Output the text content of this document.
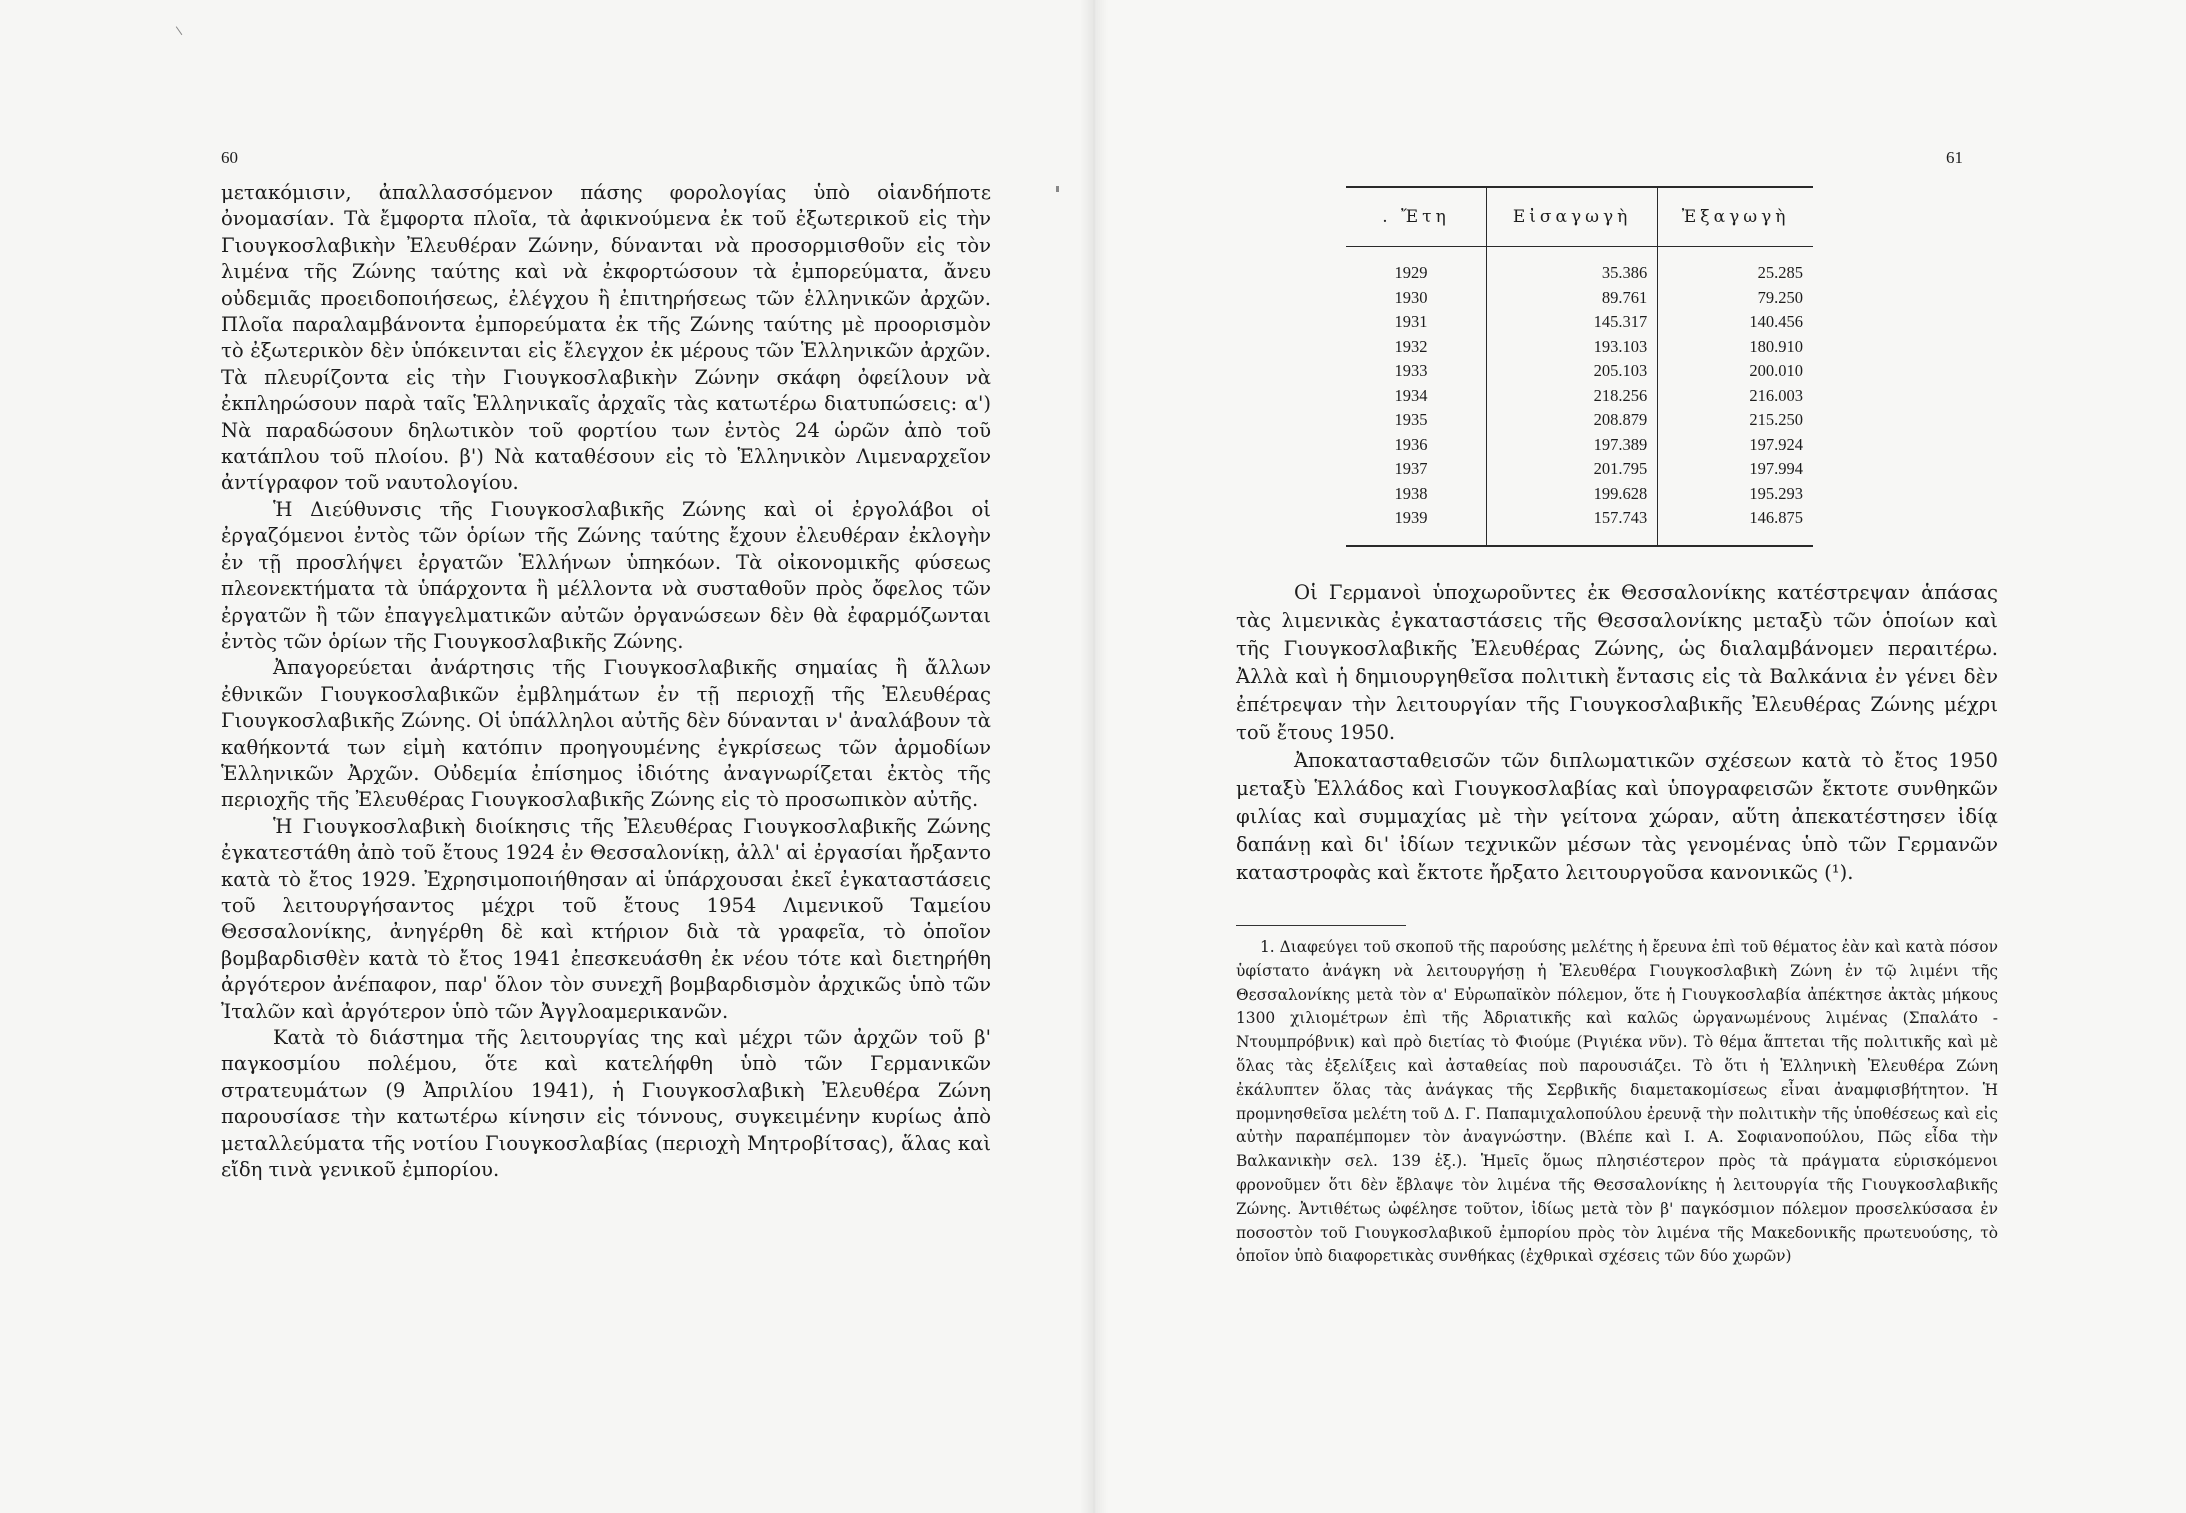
60

μετακόμισιν, ἀπαλλασσόμενον πάσης φορολογίας ὑπὸ οἱανδήποτε ὀνομασίαν. Τὰ ἔμφορτα πλοῖα, τὰ ἀφικνούμενα ἐκ τοῦ ἐξωτερικοῦ εἰς τὴν Γιουγκοσλαβικὴν Ἐλευθέραν Ζώνην, δύνανται νὰ προσορμισθοῦν εἰς τὸν λιμένα τῆς Ζώνης ταύτης καὶ νὰ ἐκφορτώσουν τὰ ἐμπορεύματα, ἄνευ οὐδεμιᾶς προειδοποιήσεως, ἐλέγχου ἢ ἐπιτηρήσεως τῶν ἑλληνικῶν ἀρχῶν. Πλοῖα παραλαμβάνοντα ἐμπορεύματα ἐκ τῆς Ζώνης ταύτης μὲ προορισμὸν τὸ ἐξωτερικὸν δὲν ὑπόκεινται εἰς ἔλεγχον ἐκ μέρους τῶν Ἑλληνικῶν ἀρχῶν. Τὰ πλευρίζοντα εἰς τὴν Γιουγκοσλαβικὴν Ζώνην σκάφη ὀφείλουν νὰ ἐκπληρώσουν παρὰ ταῖς Ἑλληνικαῖς ἀρχαῖς τὰς κατωτέρω διατυπώσεις: α') Νὰ παραδώσουν δηλωτικὸν τοῦ φορτίου των ἐντὸς 24 ὡρῶν ἀπὸ τοῦ κατάπλου τοῦ πλοίου. β') Νὰ καταθέσουν εἰς τὸ Ἑλληνικὸν Λιμεναρχεῖον ἀντίγραφον τοῦ ναυτολογίου.

Ἡ Διεύθυνσις τῆς Γιουγκοσλαβικῆς Ζώνης καὶ οἱ ἐργολάβοι οἱ ἐργαζόμενοι ἐντὸς τῶν ὁρίων τῆς Ζώνης ταύτης ἔχουν ἐλευθέραν ἐκλογὴν ἐν τῇ προσλήψει ἐργατῶν Ἑλλήνων ὑπηκόων. Τὰ οἰκονομικῆς φύσεως πλεονεκτήματα τὰ ὑπάρχοντα ἢ μέλλοντα νὰ συσταθοῦν πρὸς ὄφελος τῶν ἐργατῶν ἢ τῶν ἐπαγγελματικῶν αὐτῶν ὀργανώσεων δὲν θὰ ἐφαρμόζωνται ἐντὸς τῶν ὁρίων τῆς Γιουγκοσλαβικῆς Ζώνης.

Ἀπαγορεύεται ἀνάρτησις τῆς Γιουγκοσλαβικῆς σημαίας ἢ ἄλλων ἐθνικῶν Γιουγκοσλαβικῶν ἐμβλημάτων ἐν τῇ περιοχῇ τῆς Ἐλευθέρας Γιουγκοσλαβικῆς Ζώνης. Οἱ ὑπάλληλοι αὐτῆς δὲν δύνανται ν' ἀναλάβουν τὰ καθήκοντά των εἰμὴ κατόπιν προηγουμένης ἐγκρίσεως τῶν ἁρμοδίων Ἑλληνικῶν Ἀρχῶν. Οὐδεμία ἐπίσημος ἰδιότης ἀναγνωρίζεται ἐκτὸς τῆς περιοχῆς τῆς Ἐλευθέρας Γιουγκοσλαβικῆς Ζώνης εἰς τὸ προσωπικὸν αὐτῆς.

Ἡ Γιουγκοσλαβικὴ διοίκησις τῆς Ἐλευθέρας Γιουγκοσλαβικῆς Ζώνης ἐγκατεστάθη ἀπὸ τοῦ ἔτους 1924 ἐν Θεσσαλονίκῃ, ἀλλ' αἱ ἐργασίαι ἤρξαντο κατὰ τὸ ἔτος 1929. Ἐχρησιμοποιήθησαν αἱ ὑπάρχουσαι ἐκεῖ ἐγκαταστάσεις τοῦ λειτουργήσαντος μέχρι τοῦ ἔτους 1954 Λιμενικοῦ Ταμείου Θεσσαλονίκης, ἀνηγέρθη δὲ καὶ κτήριον διὰ τὰ γραφεῖα, τὸ ὁποῖον βομβαρδισθὲν κατὰ τὸ ἔτος 1941 ἐπεσκευάσθη ἐκ νέου τότε καὶ διετηρήθη ἀργότερον ἀνέπαφον, παρ' ὅλον τὸν συνεχῆ βομβαρδισμὸν ἀρχικῶς ὑπὸ τῶν Ἰταλῶν καὶ ἀργότερον ὑπὸ τῶν Ἀγγλοαμερικανῶν.

Κατὰ τὸ διάστημα τῆς λειτουργίας της καὶ μέχρι τῶν ἀρχῶν τοῦ β' παγκοσμίου πολέμου, ὅτε καὶ κατελήφθη ὑπὸ τῶν Γερμανικῶν στρατευμάτων (9 Ἀπριλίου 1941), ἡ Γιουγκοσλαβικὴ Ἐλευθέρα Ζώνη παρουσίασε τὴν κατωτέρω κίνησιν εἰς τόννους, συγκειμένην κυρίως ἀπὸ μεταλλεύματα τῆς νοτίου Γιουγκοσλαβίας (περιοχὴ Μητροβίτσας), ἅλας καὶ εἴδη τινὰ γενικοῦ ἐμπορίου.

61
. Ἔτη	Εἰσαγωγὴ	Ἐξαγωγὴ

1929	35.386	25.285
1930	89.761	79.250
1931	145.317	140.456
1932	193.103	180.910
1933	205.103	200.010
1934	218.256	216.003
1935	208.879	215.250
1936	197.389	197.924
1937	201.795	197.994
1938	199.628	195.293
1939	157.743	146.875

Οἱ Γερμανοὶ ὑποχωροῦντες ἐκ Θεσσαλονίκης κατέστρεψαν ἁπάσας τὰς λιμενικὰς ἐγκαταστάσεις τῆς Θεσσαλονίκης μεταξὺ τῶν ὁποίων καὶ τῆς Γιουγκοσλαβικῆς Ἐλευθέρας Ζώνης, ὡς διαλαμβάνομεν περαιτέρω. Ἀλλὰ καὶ ἡ δημιουργηθεῖσα πολιτικὴ ἔντασις εἰς τὰ Βαλκάνια ἐν γένει δὲν ἐπέτρεψαν τὴν λειτουργίαν τῆς Γιουγκοσλαβικῆς Ἐλευθέρας Ζώνης μέχρι τοῦ ἔτους 1950.

Ἀποκατασταθεισῶν τῶν διπλωματικῶν σχέσεων κατὰ τὸ ἔτος 1950 μεταξὺ Ἑλλάδος καὶ Γιουγκοσλαβίας καὶ ὑπογραφεισῶν ἔκτοτε συνθηκῶν φιλίας καὶ συμμαχίας μὲ τὴν γείτονα χώραν, αὕτη ἀπεκατέστησεν ἰδίᾳ δαπάνῃ καὶ δι' ἰδίων τεχνικῶν μέσων τὰς γενομένας ὑπὸ τῶν Γερμανῶν καταστροφὰς καὶ ἔκτοτε ἤρξατο λειτουργοῦσα κανονικῶς (¹).

1. Διαφεύγει τοῦ σκοποῦ τῆς παρούσης μελέτης ἡ ἔρευνα ἐπὶ τοῦ θέματος ἐὰν καὶ κατὰ πόσον ὑφίστατο ἀνάγκη νὰ λειτουργήσῃ ἡ Ἐλευθέρα Γιουγκοσλαβικὴ Ζώνη ἐν τῷ λιμένι τῆς Θεσσαλονίκης μετὰ τὸν α' Εὐρωπαϊκὸν πόλεμον, ὅτε ἡ Γιουγκοσλαβία ἀπέκτησε ἀκτὰς μήκους 1300 χιλιομέτρων ἐπὶ τῆς Ἀδριατικῆς καὶ καλῶς ὠργανωμένους λιμένας (Σπαλάτο - Ντουμπρόβνικ) καὶ πρὸ διετίας τὸ Φιούμε (Ριγιέκα νῦν). Τὸ θέμα ἅπτεται τῆς πολιτικῆς καὶ μὲ ὅλας τὰς ἐξελίξεις καὶ ἀσταθείας ποὺ παρουσιάζει. Τὸ ὅτι ἡ Ἑλληνικὴ Ἐλευθέρα Ζώνη ἐκάλυπτεν ὅλας τὰς ἀνάγκας τῆς Σερβικῆς διαμετακομίσεως εἶναι ἀναμφισβήτητον. Ἡ προμνησθεῖσα μελέτη τοῦ Δ. Γ. Παπαμιχαλοπούλου ἐρευνᾷ τὴν πολιτικὴν τῆς ὑποθέσεως καὶ εἰς αὐτὴν παραπέμπομεν τὸν ἀναγνώστην. (Βλέπε καὶ Ι. Α. Σοφιανοπούλου, Πῶς εἶδα τὴν Βαλκανικὴν σελ. 139 ἑξ.). Ἡμεῖς ὅμως πλησιέστερον πρὸς τὰ πράγματα εὑρισκόμενοι φρονοῦμεν ὅτι δὲν ἔβλαψε τὸν λιμένα τῆς Θεσσαλονίκης ἡ λειτουργία τῆς Γιουγκοσλαβικῆς Ζώνης. Ἀντιθέτως ὠφέλησε τοῦτον, ἰδίως μετὰ τὸν β' παγκόσμιον πόλεμον προσελκύσασα ἐν ποσοστὸν τοῦ Γιουγκοσλαβικοῦ ἐμπορίου πρὸς τὸν λιμένα τῆς Μακεδονικῆς πρωτευούσης, τὸ ὁποῖον ὑπὸ διαφορετικὰς συνθήκας (ἐχθρικαὶ σχέσεις τῶν δύο χωρῶν)
